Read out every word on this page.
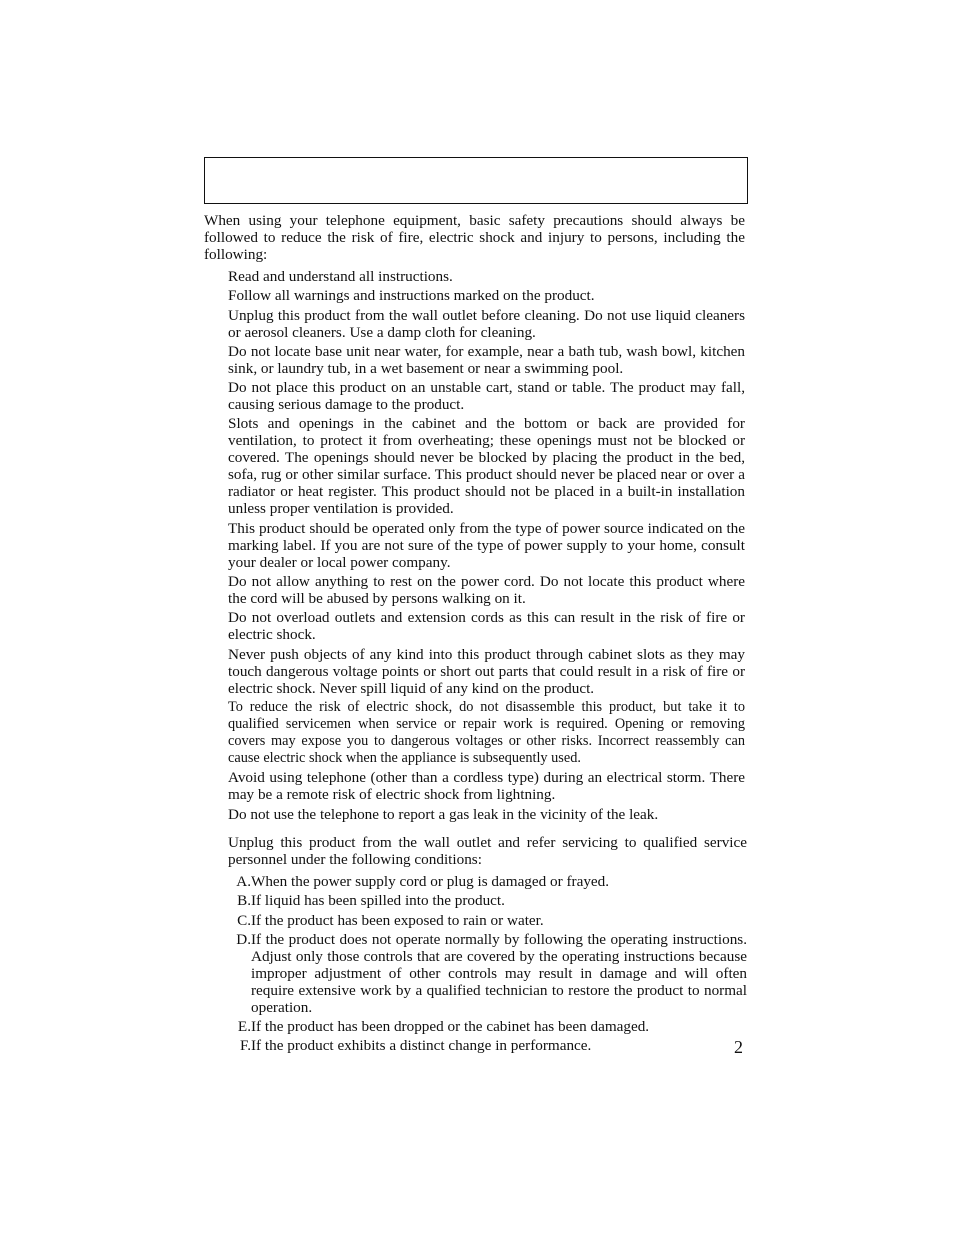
When using your telephone equipment, basic safety precautions should always be followed to reduce the risk of fire, electric shock and injury to persons, including the following:

Read and understand all instructions.
Follow all warnings and instructions marked on the product.
Unplug this product from the wall outlet before cleaning. Do not use liquid cleaners or aerosol cleaners. Use a damp cloth for cleaning.
Do not locate base unit near water, for example, near a bath tub, wash bowl, kitchen sink, or laundry tub, in a wet basement or near a swimming pool.
Do not place this product on an unstable cart, stand or table. The product may fall, causing serious damage to the product.
Slots and openings in the cabinet and the bottom or back are provided for ventilation, to protect it from overheating; these openings must not be blocked or covered. The openings should never be blocked by placing the product in the bed, sofa, rug or other similar surface. This product should never be placed near or over a radiator or heat register. This product should not be placed in a built-in installation unless proper ventilation is provided.
This product should be operated only from the type of power source indicated on the marking label. If you are not sure of the type of power supply to your home, consult your dealer or local power company.
Do not allow anything to rest on the power cord. Do not locate this product where the cord will be abused by persons walking on it.
Do not overload outlets and extension cords as this can result in the risk of fire or electric shock.
Never push objects of any kind into this product through cabinet slots as they may touch dangerous voltage points or short out parts that could result in a risk of fire or electric shock. Never spill liquid of any kind on the product.
To reduce the risk of electric shock, do not disassemble this product, but take it to qualified servicemen when service or repair work is required. Opening or removing covers may expose you to dangerous voltages or other risks. Incorrect reassembly can cause electric shock when the appliance is subsequently used.
Avoid using telephone (other than a cordless type) during an electrical storm. There may be a remote risk of electric shock from lightning.
Do not use the telephone to report a gas leak in the vicinity of the leak.

Unplug this product from the wall outlet and refer servicing to qualified service personnel under the following conditions:

A. When the power supply cord or plug is damaged or frayed.
B. If liquid has been spilled into the product.
C. If the product has been exposed to rain or water.
D. If the product does not operate normally by following the operating instructions. Adjust only those controls that are covered by the operating instructions because improper adjustment of other controls may result in damage and will often require extensive work by a qualified technician to restore the product to normal operation.
E. If the product has been dropped or the cabinet has been damaged.
F. If the product exhibits a distinct change in performance.	2
